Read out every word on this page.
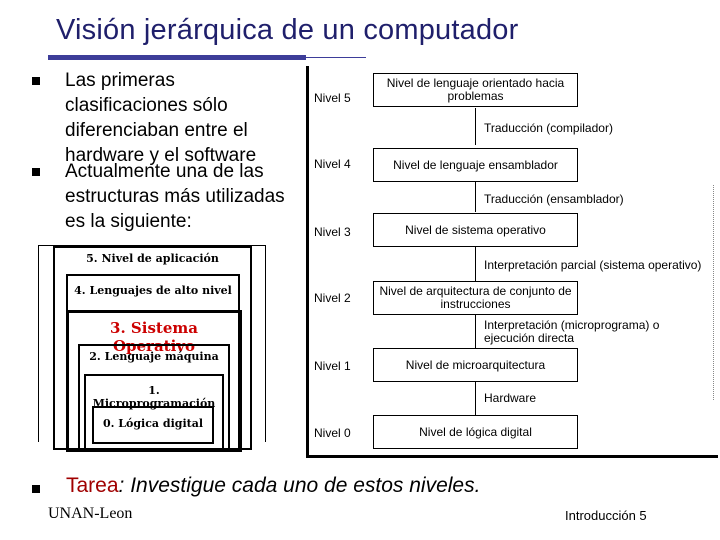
Visión jerárquica de un computador
Las primeras clasificaciones sólo diferenciaban entre el hardware y el software
Actualmente una de las estructuras más utilizadas es la siguiente:
5. Nivel de aplicación
4. Lenguajes de alto nivel
3. Sistema Operativo
2. Lenguaje máquina
1. Microprogramación
0. Lógica digital
Nivel 5
Nivel 4
Nivel 3
Nivel 2
Nivel 1
Nivel 0
Nivel de lenguaje orientado hacia problemas
Nivel de lenguaje ensamblador
Nivel de sistema operativo
Nivel de arquitectura de conjunto de instrucciones
Nivel de microarquitectura
Nivel de lógica digital
Traducción (compilador)
Traducción (ensamblador)
Interpretación parcial (sistema operativo)
Interpretación (microprograma) o ejecución directa
Hardware
Tarea: Investigue cada uno de estos niveles.
UNAN-Leon	Introducción 5
